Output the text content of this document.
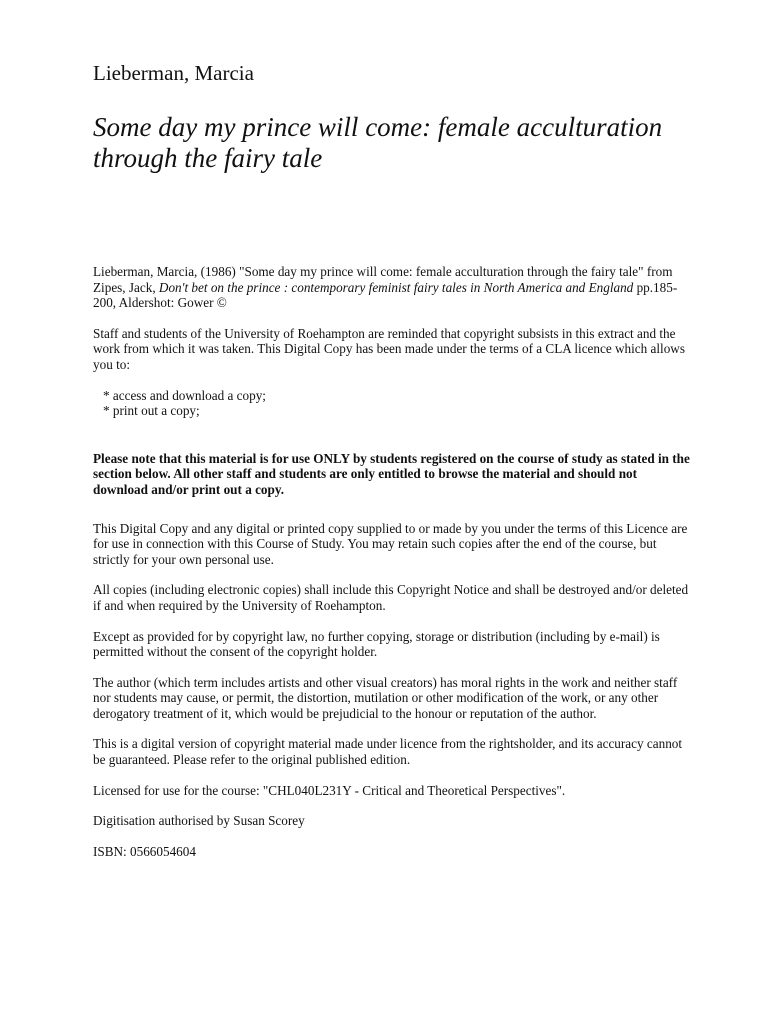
Lieberman, Marcia
Some day my prince will come: female acculturation through the fairy tale

Lieberman, Marcia, (1986) "Some day my prince will come: female acculturation through the fairy tale" from Zipes, Jack, Don't bet on the prince : contemporary feminist fairy tales in North America and England pp.185-200, Aldershot: Gower ©

Staff and students of the University of Roehampton are reminded that copyright subsists in this extract and the work from which it was taken. This Digital Copy has been made under the terms of a CLA licence which allows you to:

* access and download a copy;
* print out a copy;

Please note that this material is for use ONLY by students registered on the course of study as stated in the section below. All other staff and students are only entitled to browse the material and should not download and/or print out a copy.

This Digital Copy and any digital or printed copy supplied to or made by you under the terms of this Licence are for use in connection with this Course of Study. You may retain such copies after the end of the course, but strictly for your own personal use.

All copies (including electronic copies) shall include this Copyright Notice and shall be destroyed and/or deleted if and when required by the University of Roehampton.

Except as provided for by copyright law, no further copying, storage or distribution (including by e-mail) is permitted without the consent of the copyright holder.

The author (which term includes artists and other visual creators) has moral rights in the work and neither staff nor students may cause, or permit, the distortion, mutilation or other modification of the work, or any other derogatory treatment of it, which would be prejudicial to the honour or reputation of the author.

This is a digital version of copyright material made under licence from the rightsholder, and its accuracy cannot be guaranteed. Please refer to the original published edition.

Licensed for use for the course: "CHL040L231Y - Critical and Theoretical Perspectives".

Digitisation authorised by Susan Scorey

ISBN: 0566054604
